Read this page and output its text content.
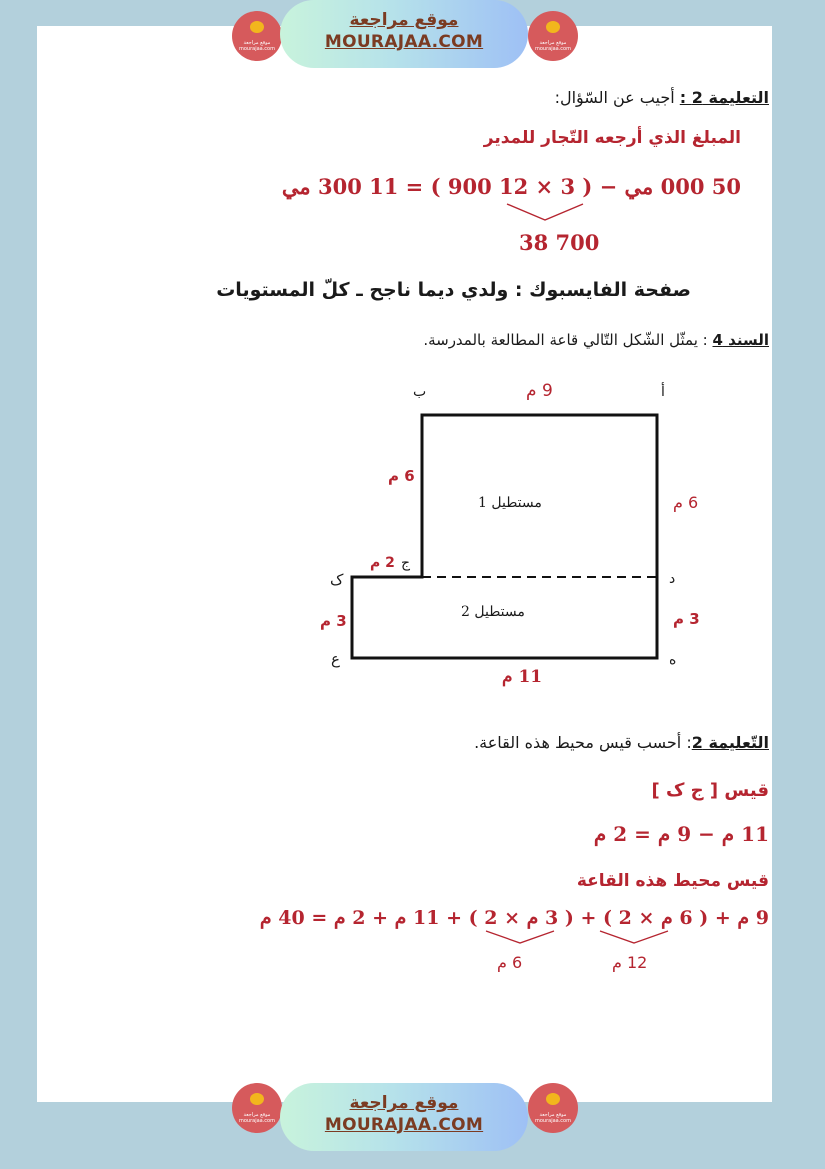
موقع مراجعة
mourajaa.com
موقع مراجعة
MOURAJAA.COM	موقع مراجعة
mourajaa.com
التعليمة 2 : أجيب عن السّؤال:
المبلغ الذي أرجعه التّجار للمدير
50 000 مي − ( 3 × 12 900 ) = 11 300 مي
38 700
صفحة الفايسبوك : ولدي ديما ناجح ـ كلّ المستويات
السند 4 : يمثّل الشّكل التّالي قاعة المطالعة بالمدرسة.
ب	أ
9 م
6 م
6 م
مستطيل 1
2 م ج
ک	د
مستطيل 2
3 م	3 م
ع	ه
11 م
التّعليمة 2: أحسب قيس محيط هذه القاعة.
قيس [ ج ک ]
11 م − 9 م = 2 م
قيس محيط هذه القاعة
9 م + ( 6 م × 2 ) + ( 3 م × 2 ) + 11 م + 2 م = 40 م
12 م
6 م
موقع مراجعة
mourajaa.com
موقع مراجعة
MOURAJAA.COM	موقع مراجعة
mourajaa.com
